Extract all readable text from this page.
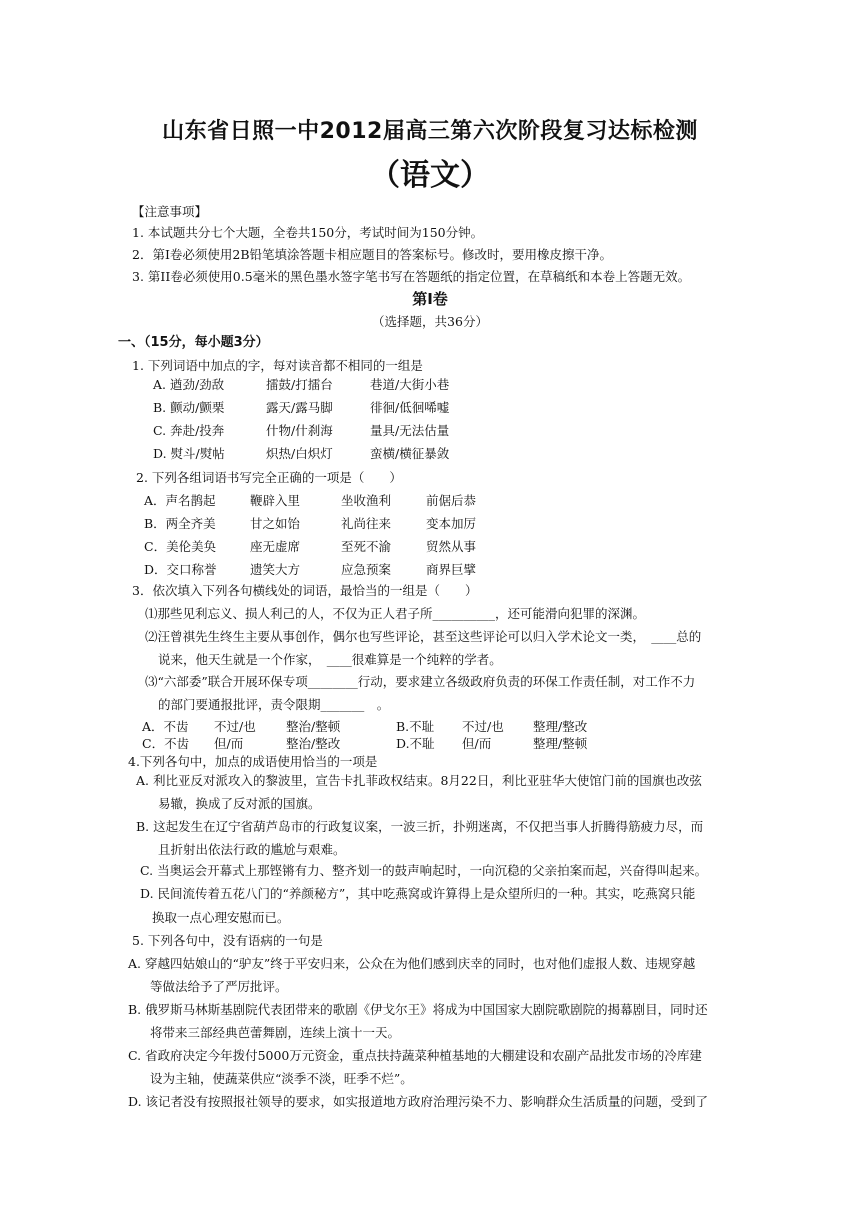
山东省日照一中2012届高三第六次阶段复习达标检测
（语文）
【注意事项】
1. 本试题共分七个大题，全卷共150分，考试时间为150分钟。
2．第Ⅰ卷必须使用2B铅笔填涂答题卡相应题目的答案标号。修改时，要用橡皮擦干净。
3. 第II卷必须使用0.5毫米的黑色墨水签字笔书写在答题纸的指定位置，在草稿纸和本卷上答题无效。
第Ⅰ卷
（选择题，共36分）
一、（15分，每小题3分）
1. 下列词语中加点的字，每对读音都不相同的一组是
A. 遒劲/劲敌	擂鼓/打擂台	巷道/大街小巷
B. 颤动/颤栗	露天/露马脚	徘徊/低徊唏嘘
C. 奔赴/投奔	什物/什刹海	量具/无法估量
D. 熨斗/熨帖	炽热/白炽灯	蛮横/横征暴敛
2. 下列各组词语书写完全正确的一项是（　　）
A．声名鹊起	鞭辟入里	坐收渔利	前倨后恭
B．两全齐美	甘之如饴	礼尚往来	变本加厉
C．美伦美奂	座无虚席	至死不渝	贸然从事
D．交口称誉	遗笑大方	应急预案	商界巨擘
3．依次填入下列各句横线处的词语，最恰当的一组是（　　）
⑴那些见利忘义、损人利己的人，不仅为正人君子所__________，还可能滑向犯罪的深渊。
⑵汪曾祺先生终生主要从事创作，偶尔也写些评论，甚至这些评论可以归入学术论文一类，　____总的
说来，他天生就是一个作家，　____很难算是一个纯粹的学者。
⑶“六部委”联合开展环保专项________行动，要求建立各级政府负责的环保工作责任制，对工作不力
的部门要通报批评，责令限期_______　。
A．不齿 不过/也 整治/整顿	B.不耻 不过/也 整理/整改
C．不齿 但/而	整治/整改	D.不耻 但/而	整理/整顿
4.下列各句中，加点的成语使用恰当的一项是
A. 利比亚反对派攻入的黎波里，宣告卡扎菲政权结束。8月22日，利比亚驻华大使馆门前的国旗也改弦
易辙，换成了反对派的国旗。
B. 这起发生在辽宁省葫芦岛市的行政复议案，一波三折，扑朔迷离，不仅把当事人折腾得筋疲力尽，而
且折射出依法行政的尴尬与艰难。
C. 当奥运会开幕式上那铿锵有力、整齐划一的鼓声响起时，一向沉稳的父亲拍案而起，兴奋得叫起来。
D. 民间流传着五花八门的“养颜秘方”，其中吃燕窝或许算得上是众望所归的一种。其实，吃燕窝只能
换取一点心理安慰而已。
5. 下列各句中，没有语病的一句是
A. 穿越四姑娘山的“驴友”终于平安归来，公众在为他们感到庆幸的同时，也对他们虚报人数、违规穿越
等做法给予了严厉批评。
B. 俄罗斯马林斯基剧院代表团带来的歌剧《伊戈尔王》将成为中国国家大剧院歌剧院的揭幕剧目，同时还
将带来三部经典芭蕾舞剧，连续上演十一天。
C. 省政府决定今年拨付5000万元资金，重点扶持蔬菜种植基地的大棚建设和农副产品批发市场的冷库建
设为主轴，使蔬菜供应“淡季不淡，旺季不烂”。
D. 该记者没有按照报社领导的要求，如实报道地方政府治理污染不力、影响群众生活质量的问题，受到了
